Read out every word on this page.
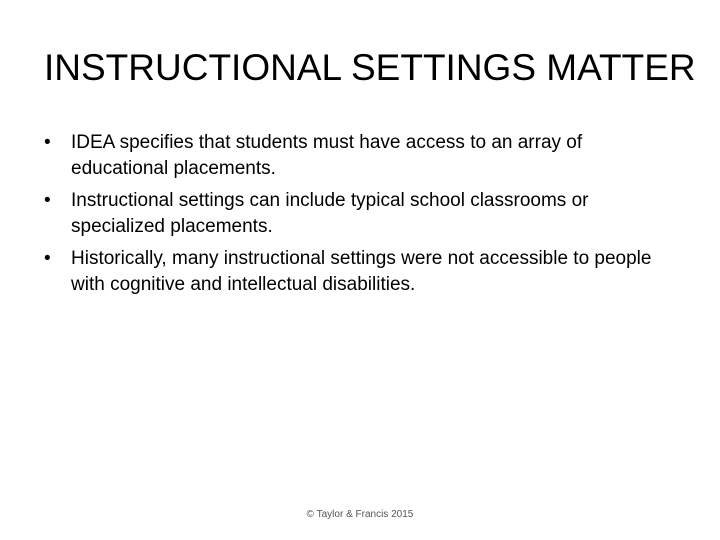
INSTRUCTIONAL SETTINGS MATTER
•	IDEA specifies that students must have access to an array of educational placements.
•	Instructional settings can include typical school classrooms or specialized placements.
•	Historically, many instructional settings were not accessible to people with cognitive and intellectual disabilities.
© Taylor & Francis 2015
